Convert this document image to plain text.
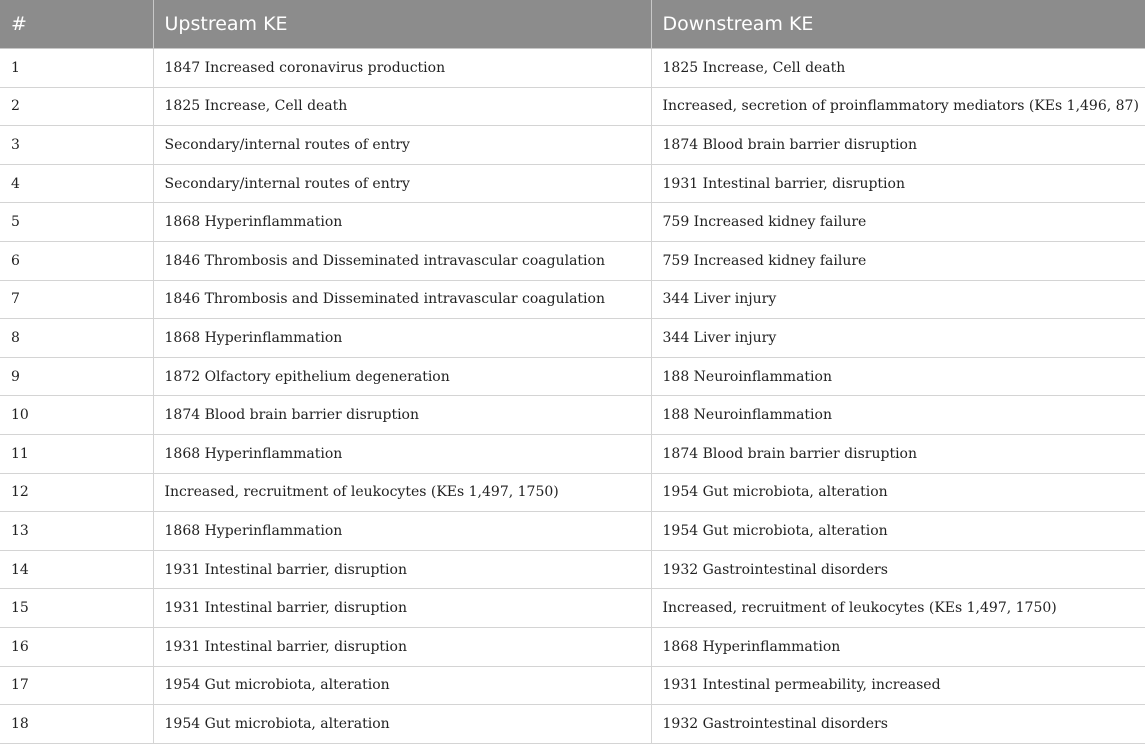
#	Upstream KE	Downstream KE
1	1847 Increased coronavirus production	1825 Increase, Cell death
2	1825 Increase, Cell death	Increased, secretion of proinflammatory mediators (KEs 1,496, 87)
3	Secondary/internal routes of entry	1874 Blood brain barrier disruption
4	Secondary/internal routes of entry	1931 Intestinal barrier, disruption
5	1868 Hyperinflammation	759 Increased kidney failure
6	1846 Thrombosis and Disseminated intravascular coagulation	759 Increased kidney failure
7	1846 Thrombosis and Disseminated intravascular coagulation	344 Liver injury
8	1868 Hyperinflammation	344 Liver injury
9	1872 Olfactory epithelium degeneration	188 Neuroinflammation
10	1874 Blood brain barrier disruption	188 Neuroinflammation
11	1868 Hyperinflammation	1874 Blood brain barrier disruption
12	Increased, recruitment of leukocytes (KEs 1,497, 1750)	1954 Gut microbiota, alteration
13	1868 Hyperinflammation	1954 Gut microbiota, alteration
14	1931 Intestinal barrier, disruption	1932 Gastrointestinal disorders
15	1931 Intestinal barrier, disruption	Increased, recruitment of leukocytes (KEs 1,497, 1750)
16	1931 Intestinal barrier, disruption	1868 Hyperinflammation
17	1954 Gut microbiota, alteration	1931 Intestinal permeability, increased
18	1954 Gut microbiota, alteration	1932 Gastrointestinal disorders
